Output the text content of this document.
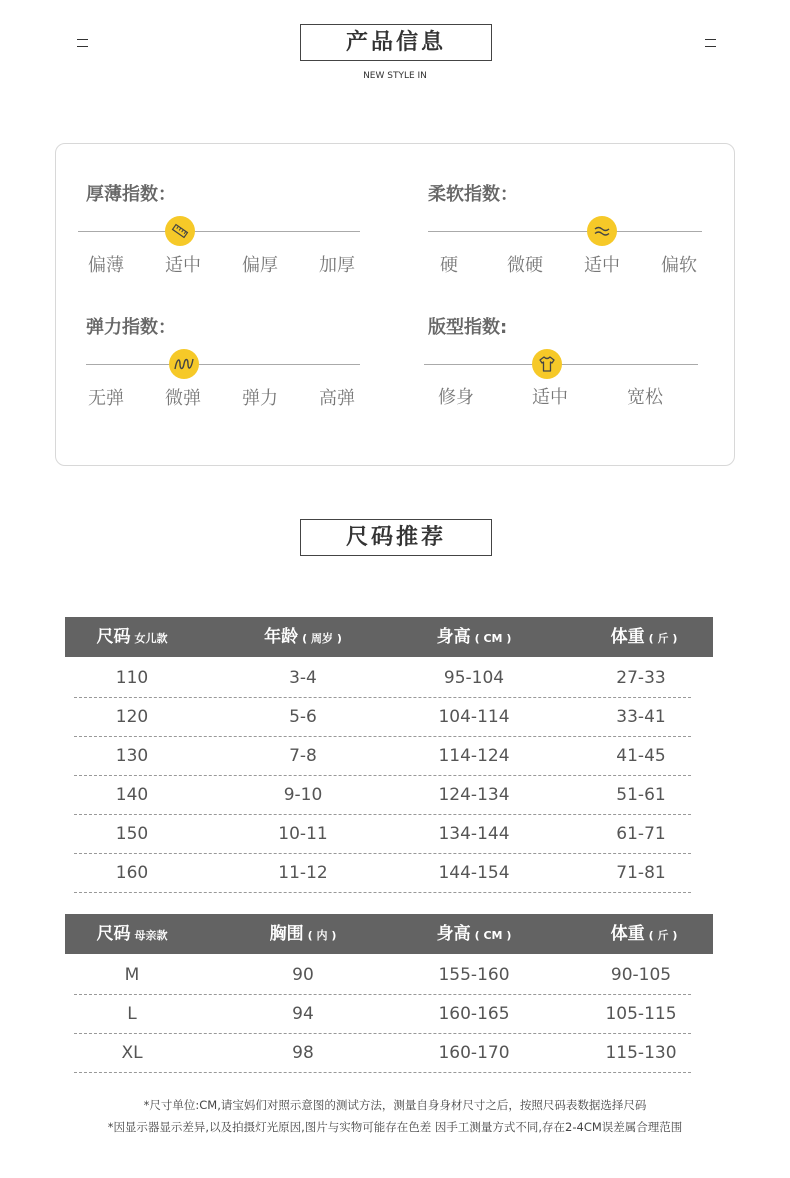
产品信息
NEW STYLE IN
厚薄指数：
偏薄	适中	偏厚	加厚
柔软指数：
硬	微硬	适中	偏软
弹力指数：
无弹	微弹	弹力	高弹
版型指数:
修身	适中	宽松
尺码推荐
尺码 女儿款	年龄 ( 周岁 )	身高 ( CM )	体重 ( 斤 )
110	3-4	95-104	27-33
120	5-6	104-114	33-41
130	7-8	114-124	41-45
140	9-10	124-134	51-61
150	10-11	134-144	61-71
160	11-12	144-154	71-81
尺码 母亲款	胸围 ( 内 )	身高 ( CM )	体重 ( 斤 )
M	90	155-160	90-105
L	94	160-165	105-115
XL	98	160-170	115-130
*尺寸单位:CM,请宝妈们对照示意图的测试方法，测量自身身材尺寸之后，按照尺码表数据选择尺码
*因显示器显示差异,以及拍摄灯光原因,图片与实物可能存在色差 因手工测量方式不同,存在2-4CM误差属合理范围
